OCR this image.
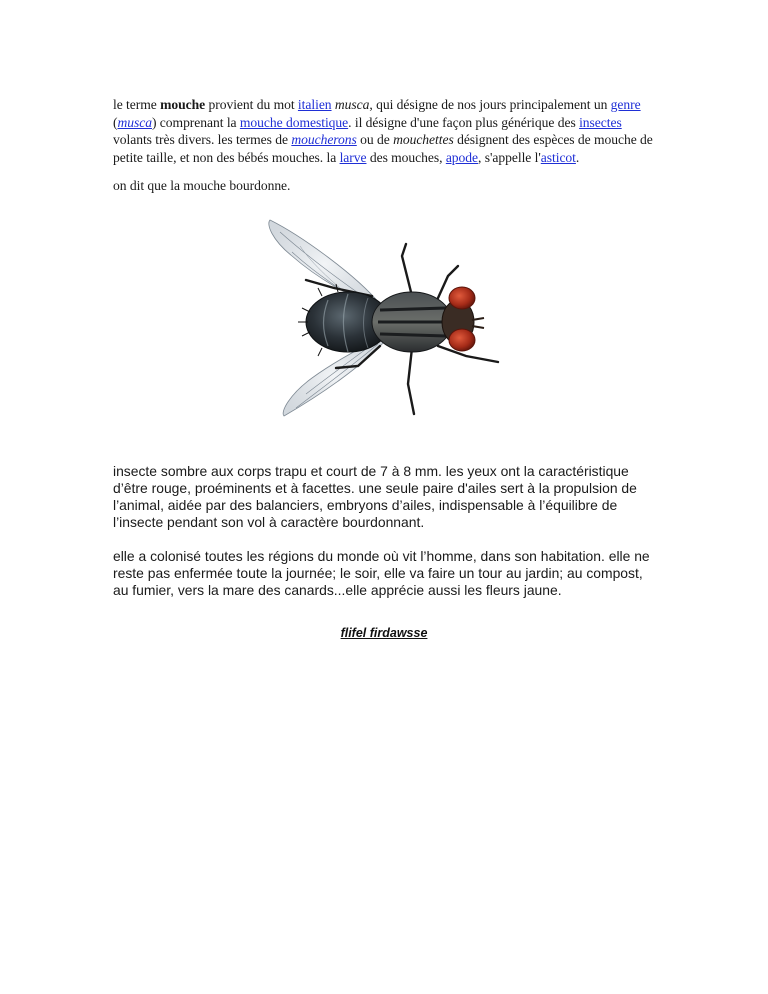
le terme mouche provient du mot italien musca, qui désigne de nos jours principalement un genre (musca) comprenant la mouche domestique. il désigne d'une façon plus générique des insectes volants très divers. les termes de moucherons ou de mouchettes désignent des espèces de mouche de petite taille, et non des bébés mouches. la larve des mouches, apode, s'appelle l'asticot.

on dit que la mouche bourdonne.

insecte sombre aux corps trapu et court de 7 à 8 mm. les yeux ont la caractéristique d’être rouge, proéminents et à facettes. une seule paire d'ailes sert à la propulsion de l’animal, aidée par des balanciers, embryons d’ailes, indispensable à l’équilibre de l’insecte pendant son vol à caractère bourdonnant.

elle a colonisé toutes les régions du monde où vit l’homme, dans son habitation. elle ne reste pas enfermée toute la journée; le soir, elle va faire un tour au jardin; au compost, au fumier, vers la mare des canards...elle apprécie aussi les fleurs jaune.

flifel firdawsse
